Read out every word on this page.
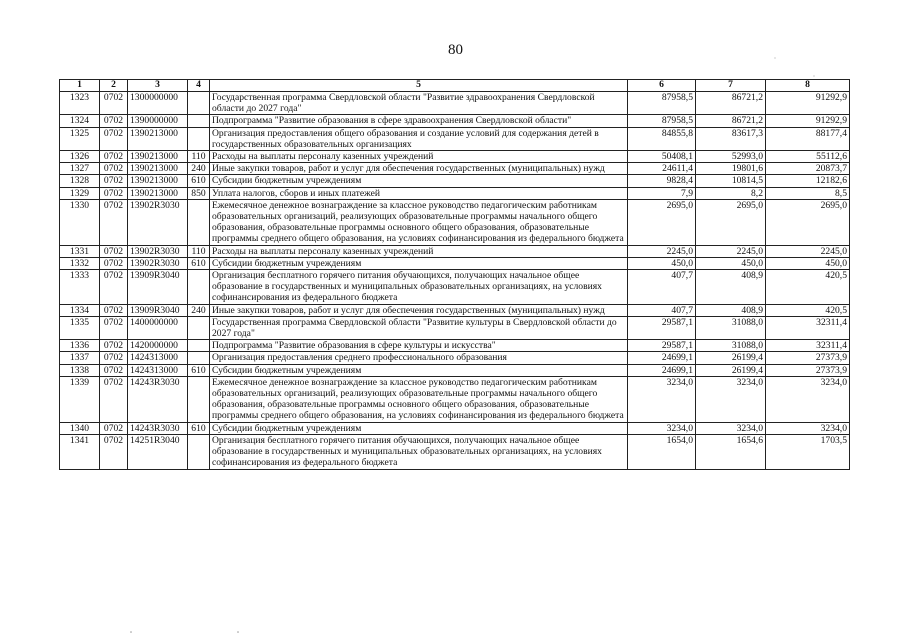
80
1	2	3	4	5	6	7	8
1323	0702	1300000000		Государственная программа Свердловской области "Развитие здравоохранения Свердловской области до 2027 года"	87958,5	86721,2	91292,9
1324	0702	1390000000		Подпрограмма "Развитие образования в сфере здравоохранения Свердловской области"	87958,5	86721,2	91292,9
1325	0702	1390213000		Организация предоставления общего образования и создание условий для содержания детей в государственных образовательных организациях	84855,8	83617,3	88177,4
1326	0702	1390213000	110	Расходы на выплаты персоналу казенных учреждений	50408,1	52993,0	55112,6
1327	0702	1390213000	240	Иные закупки товаров, работ и услуг для обеспечения государственных (муниципальных) нужд	24611,4	19801,6	20873,7
1328	0702	1390213000	610	Субсидии бюджетным учреждениям	9828,4	10814,5	12182,6
1329	0702	1390213000	850	Уплата налогов, сборов и иных платежей	7,9	8,2	8,5
1330	0702	13902R3030		Ежемесячное денежное вознаграждение за классное руководство педагогическим работникам образовательных организаций, реализующих образовательные программы начального общего образования, образовательные программы основного общего образования, образовательные программы среднего общего образования, на условиях софинансирования из федерального бюджета	2695,0	2695,0	2695,0
1331	0702	13902R3030	110	Расходы на выплаты персоналу казенных учреждений	2245,0	2245,0	2245,0
1332	0702	13902R3030	610	Субсидии бюджетным учреждениям	450,0	450,0	450,0
1333	0702	13909R3040		Организация бесплатного горячего питания обучающихся, получающих начальное общее образование в государственных и муниципальных образовательных организациях, на условиях софинансирования из федерального бюджета	407,7	408,9	420,5
1334	0702	13909R3040	240	Иные закупки товаров, работ и услуг для обеспечения государственных (муниципальных) нужд	407,7	408,9	420,5
1335	0702	1400000000		Государственная программа Свердловской области "Развитие культуры в Свердловской области до 2027 года"	29587,1	31088,0	32311,4
1336	0702	1420000000		Подпрограмма "Развитие образования в сфере культуры и искусства"	29587,1	31088,0	32311,4
1337	0702	1424313000		Организация предоставления среднего профессионального образования	24699,1	26199,4	27373,9
1338	0702	1424313000	610	Субсидии бюджетным учреждениям	24699,1	26199,4	27373,9
1339	0702	14243R3030		Ежемесячное денежное вознаграждение за классное руководство педагогическим работникам образовательных организаций, реализующих образовательные программы начального общего образования, образовательные программы основного общего образования, образовательные программы среднего общего образования, на условиях софинансирования из федерального бюджета	3234,0	3234,0	3234,0
1340	0702	14243R3030	610	Субсидии бюджетным учреждениям	3234,0	3234,0	3234,0
1341	0702	14251R3040		Организация бесплатного горячего питания обучающихся, получающих начальное общее образование в государственных и муниципальных образовательных организациях, на условиях софинансирования из федерального бюджета	1654,0	1654,6	1703,5
